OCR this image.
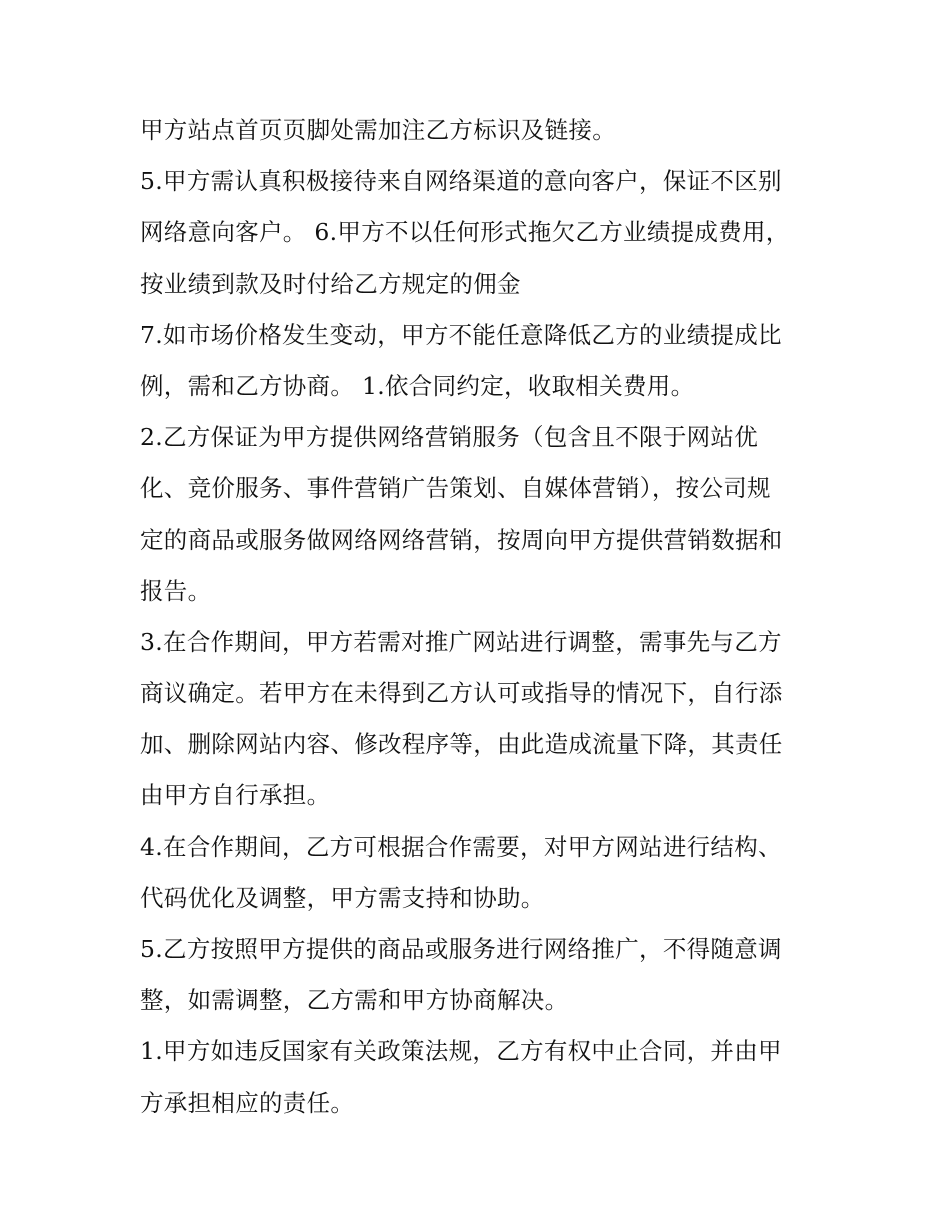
甲方站点首页页脚处需加注乙方标识及链接。
5.甲方需认真积极接待来自网络渠道的意向客户，保证不区别
网络意向客户。 6.甲方不以任何形式拖欠乙方业绩提成费用，
按业绩到款及时付给乙方规定的佣金
7.如市场价格发生变动，甲方不能任意降低乙方的业绩提成比
例，需和乙方协商。 1.依合同约定，收取相关费用。
2.乙方保证为甲方提供网络营销服务（包含且不限于网站优
化、竞价服务、事件营销广告策划、自媒体营销），按公司规
定的商品或服务做网络网络营销，按周向甲方提供营销数据和
报告。
3.在合作期间，甲方若需对推广网站进行调整，需事先与乙方
商议确定。若甲方在未得到乙方认可或指导的情况下，自行添
加、删除网站内容、修改程序等，由此造成流量下降，其责任
由甲方自行承担。
4.在合作期间，乙方可根据合作需要，对甲方网站进行结构、
代码优化及调整，甲方需支持和协助。
5.乙方按照甲方提供的商品或服务进行网络推广，不得随意调
整，如需调整，乙方需和甲方协商解决。
1.甲方如违反国家有关政策法规，乙方有权中止合同，并由甲
方承担相应的责任。
